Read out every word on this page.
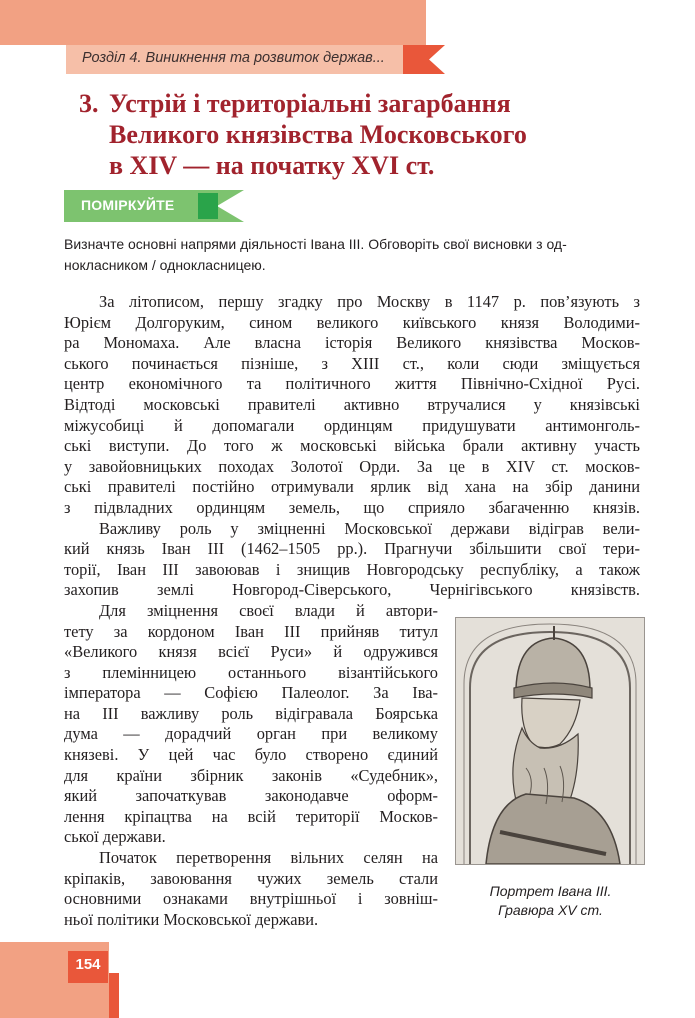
Розділ 4. Виникнення та розвиток держав...
3. Устрій і територіальні загарбання
Великого князівства Московського
в XIV — на початку XVI ст.
ПОМІРКУЙТЕ
Визначте основні напрями діяльності Івана ІІІ. Обговоріть свої висновки з од-
нокласником / однокласницею.
За літописом, першу згадку про Москву в 1147 р. пов’язують з
Юрієм Долгоруким, сином великого київського князя Володими-
ра Мономаха. Але власна історія Великого князівства Москов-
ського починається пізніше, з XIII ст., коли сюди зміщується
центр економічного та політичного життя Північно-Східної Русі.
Відтоді московські правителі активно втручалися у князівські
міжусобиці й допомагали ординцям придушувати антимонголь-
ські виступи. До того ж московські війська брали активну участь
у завойовницьких походах Золотої Орди. За це в XIV ст. москов-
ські правителі постійно отримували ярлик від хана на збір данини
з підвладних ординцям земель, що сприяло збагаченню князів.
Важливу роль у зміцненні Московської держави відіграв вели-
кий князь Іван ІІІ (1462–1505 рр.). Прагнучи збільшити свої тери-
торії, Іван ІІІ завоював і знищив Новгородську республіку, а також
захопив землі Новгород-Сіверського, Чернігівського князівств.
Для зміцнення своєї влади й автори-
тету за кордоном Іван ІІІ прийняв титул
«Великого князя всієї Руси» й одружився
з племінницею останнього візантійського
імператора — Софією Палеолог. За Іва-
на ІІІ важливу роль відігравала Боярська
дума — дорадчий орган при великому
князеві. У цей час було створено єдиний
для країни збірник законів «Судебник»,
який започаткував законодавче оформ-
лення кріпацтва на всій території Москов-
ської держави.
Початок перетворення вільних селян на
кріпаків, завоювання чужих земель стали
основними ознаками внутрішньої і зовніш-
ньої політики Московської держави.
Портрет Івана ІІІ.
Гравюра XV ст.
154
